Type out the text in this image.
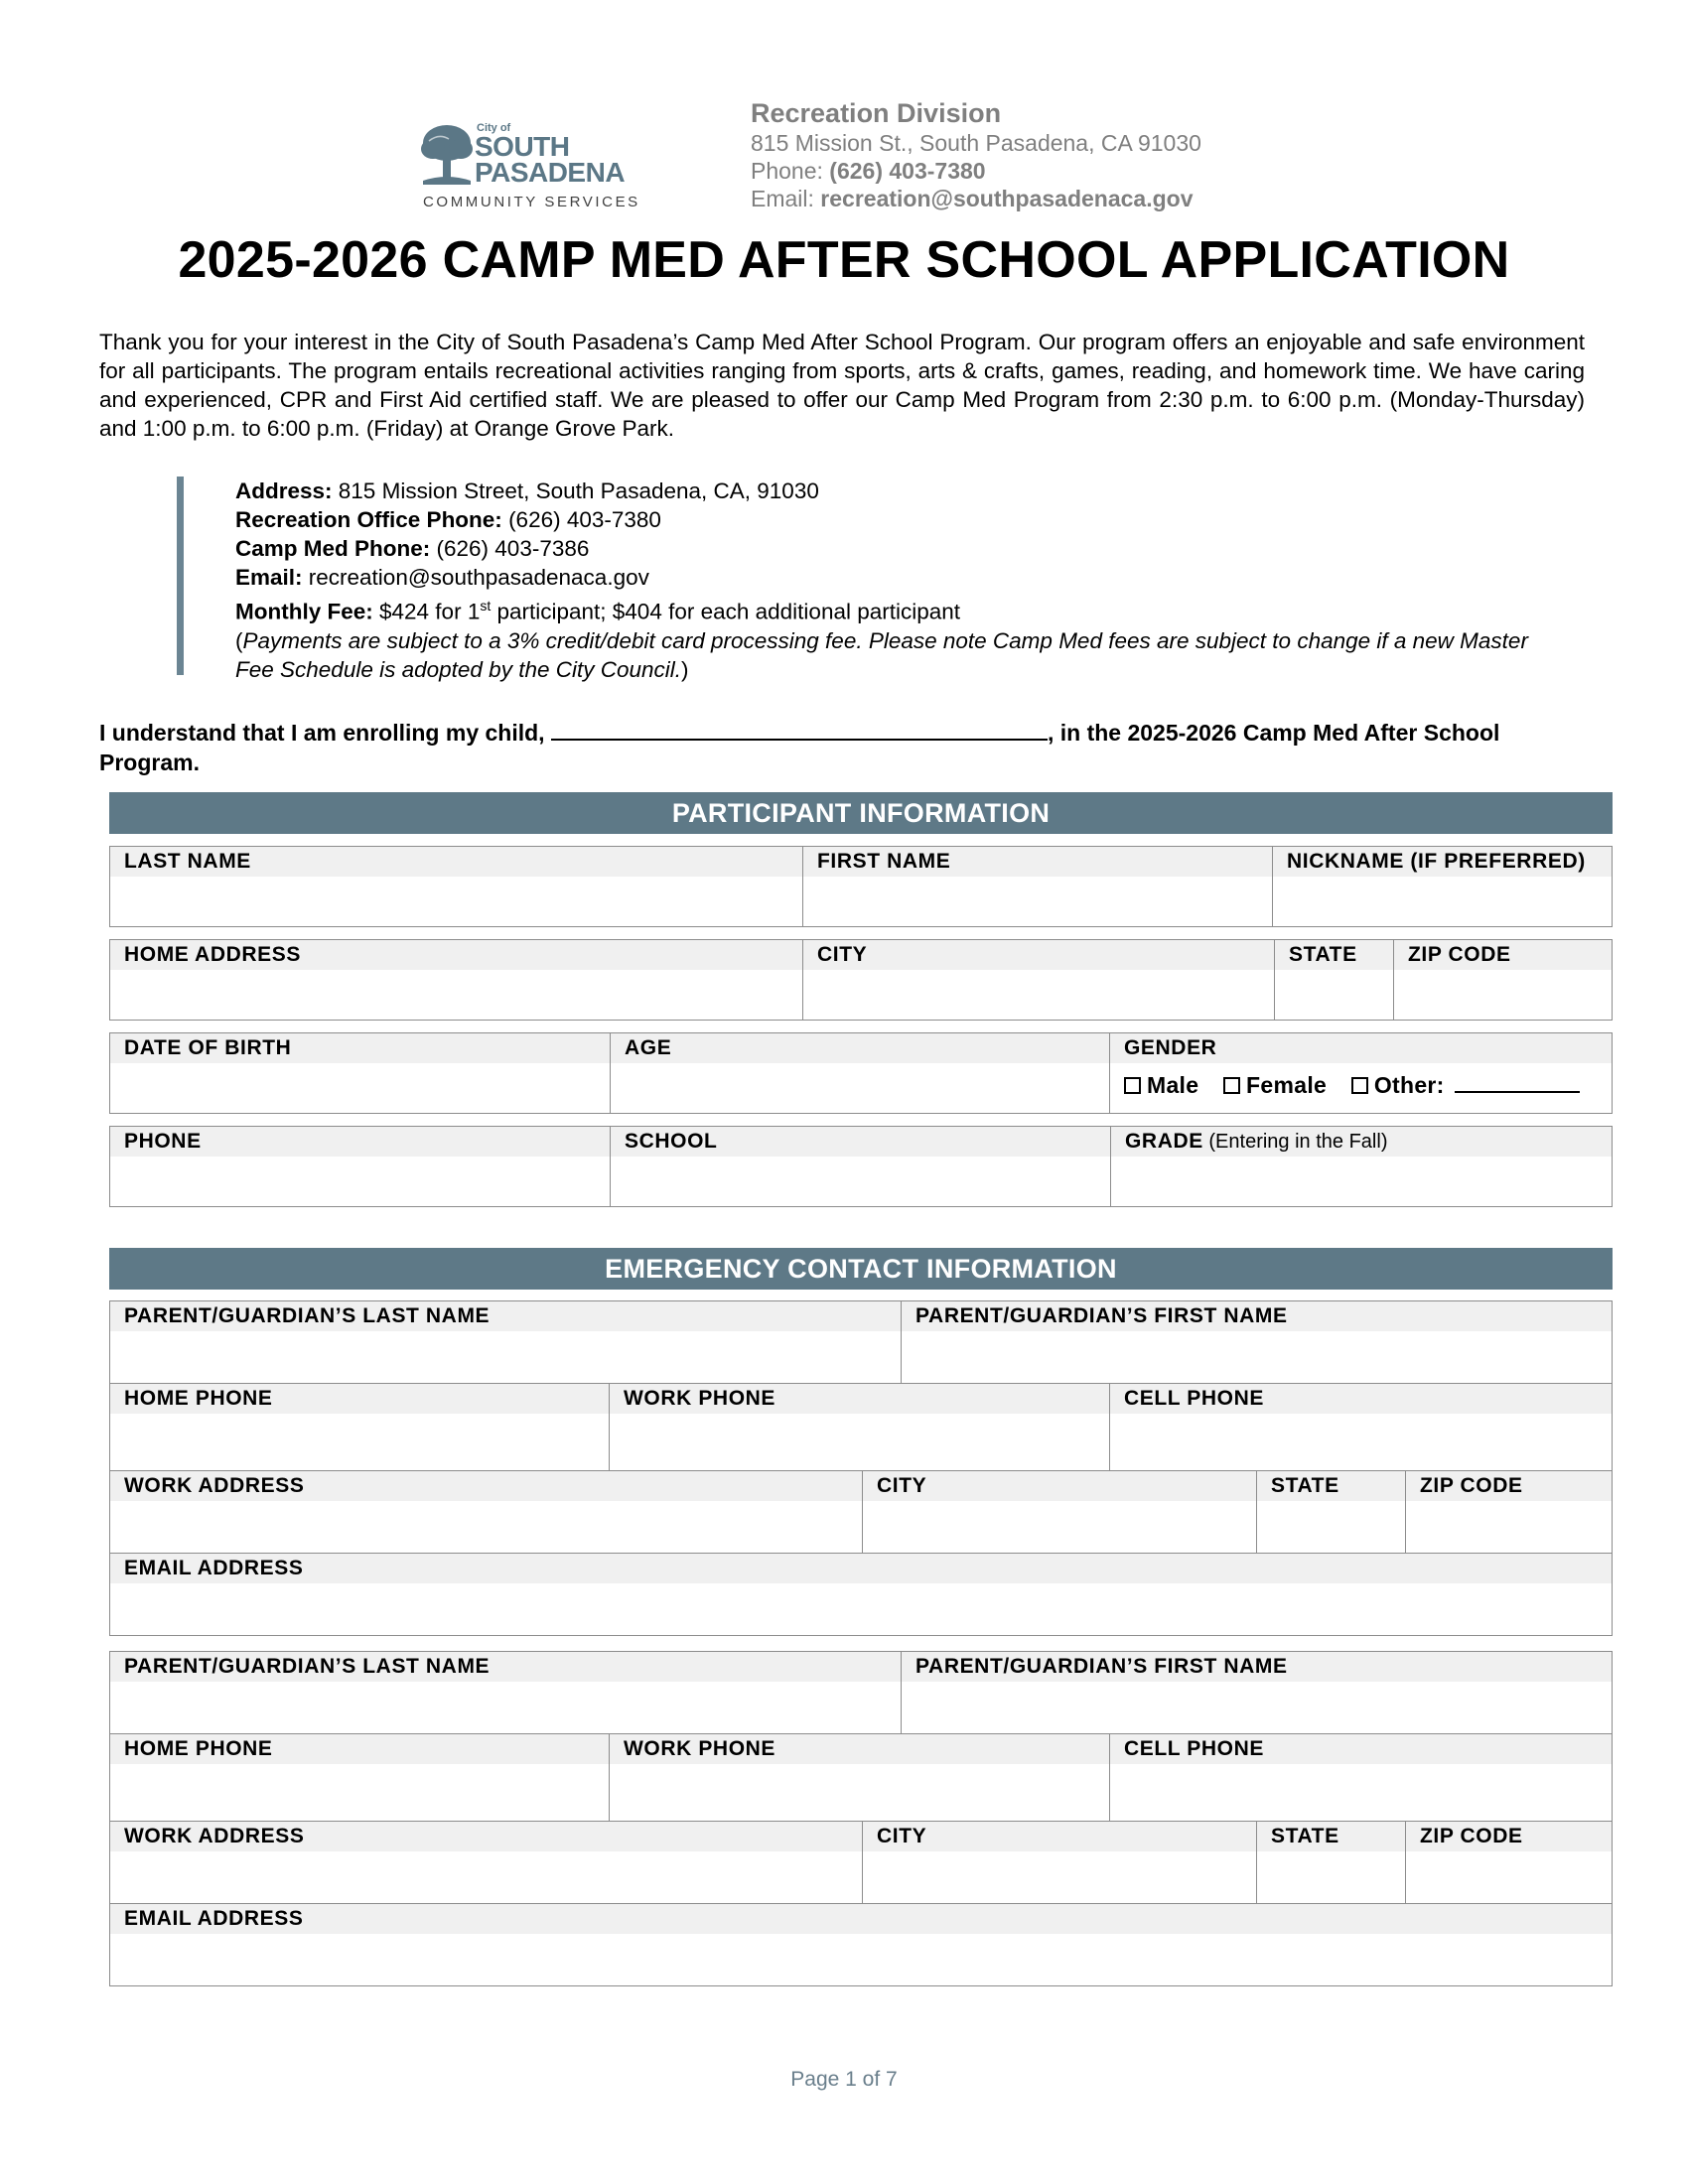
City of
SOUTH
PASADENA
COMMUNITY SERVICES
Recreation Division
815 Mission St., South Pasadena, CA 91030
Phone: (626) 403-7380
Email: recreation@southpasadenaca.gov
2025-2026 CAMP MED AFTER SCHOOL APPLICATION
Thank you for your interest in the City of South Pasadena’s Camp Med After School Program. Our program offers an enjoyable and safe environment for all participants. The program entails recreational activities ranging from sports, arts & crafts, games, reading, and homework time. We have caring and experienced, CPR and First Aid certified staff. We are pleased to offer our Camp Med Program from 2:30 p.m. to 6:00 p.m. (Monday-Thursday) and 1:00 p.m. to 6:00 p.m. (Friday) at Orange Grove Park.
Address: 815 Mission Street, South Pasadena, CA, 91030
Recreation Office Phone: (626) 403-7380
Camp Med Phone: (626) 403-7386
Email: recreation@southpasadenaca.gov
Monthly Fee: $424 for 1st participant; $404 for each additional participant
(Payments are subject to a 3% credit/debit card processing fee. Please note Camp Med fees are subject to change if a new Master Fee Schedule is adopted by the City Council.)
I understand that I am enrolling my child,	, in the 2025-2026 Camp Med After School Program.
PARTICIPANT INFORMATION
LAST NAME	FIRST NAME	NICKNAME (IF PREFERRED)
HOME ADDRESS	CITY	STATE	ZIP CODE
DATE OF BIRTH	AGE	GENDER
Male Female Other:
PHONE	SCHOOL	GRADE (Entering in the Fall)
EMERGENCY CONTACT INFORMATION
PARENT/GUARDIAN’S LAST NAME	PARENT/GUARDIAN’S FIRST NAME
HOME PHONE	WORK PHONE	CELL PHONE
WORK ADDRESS	CITY	STATE	ZIP CODE
EMAIL ADDRESS
PARENT/GUARDIAN’S LAST NAME	PARENT/GUARDIAN’S FIRST NAME
HOME PHONE	WORK PHONE	CELL PHONE
WORK ADDRESS	CITY	STATE	ZIP CODE
EMAIL ADDRESS
Page 1 of 7
